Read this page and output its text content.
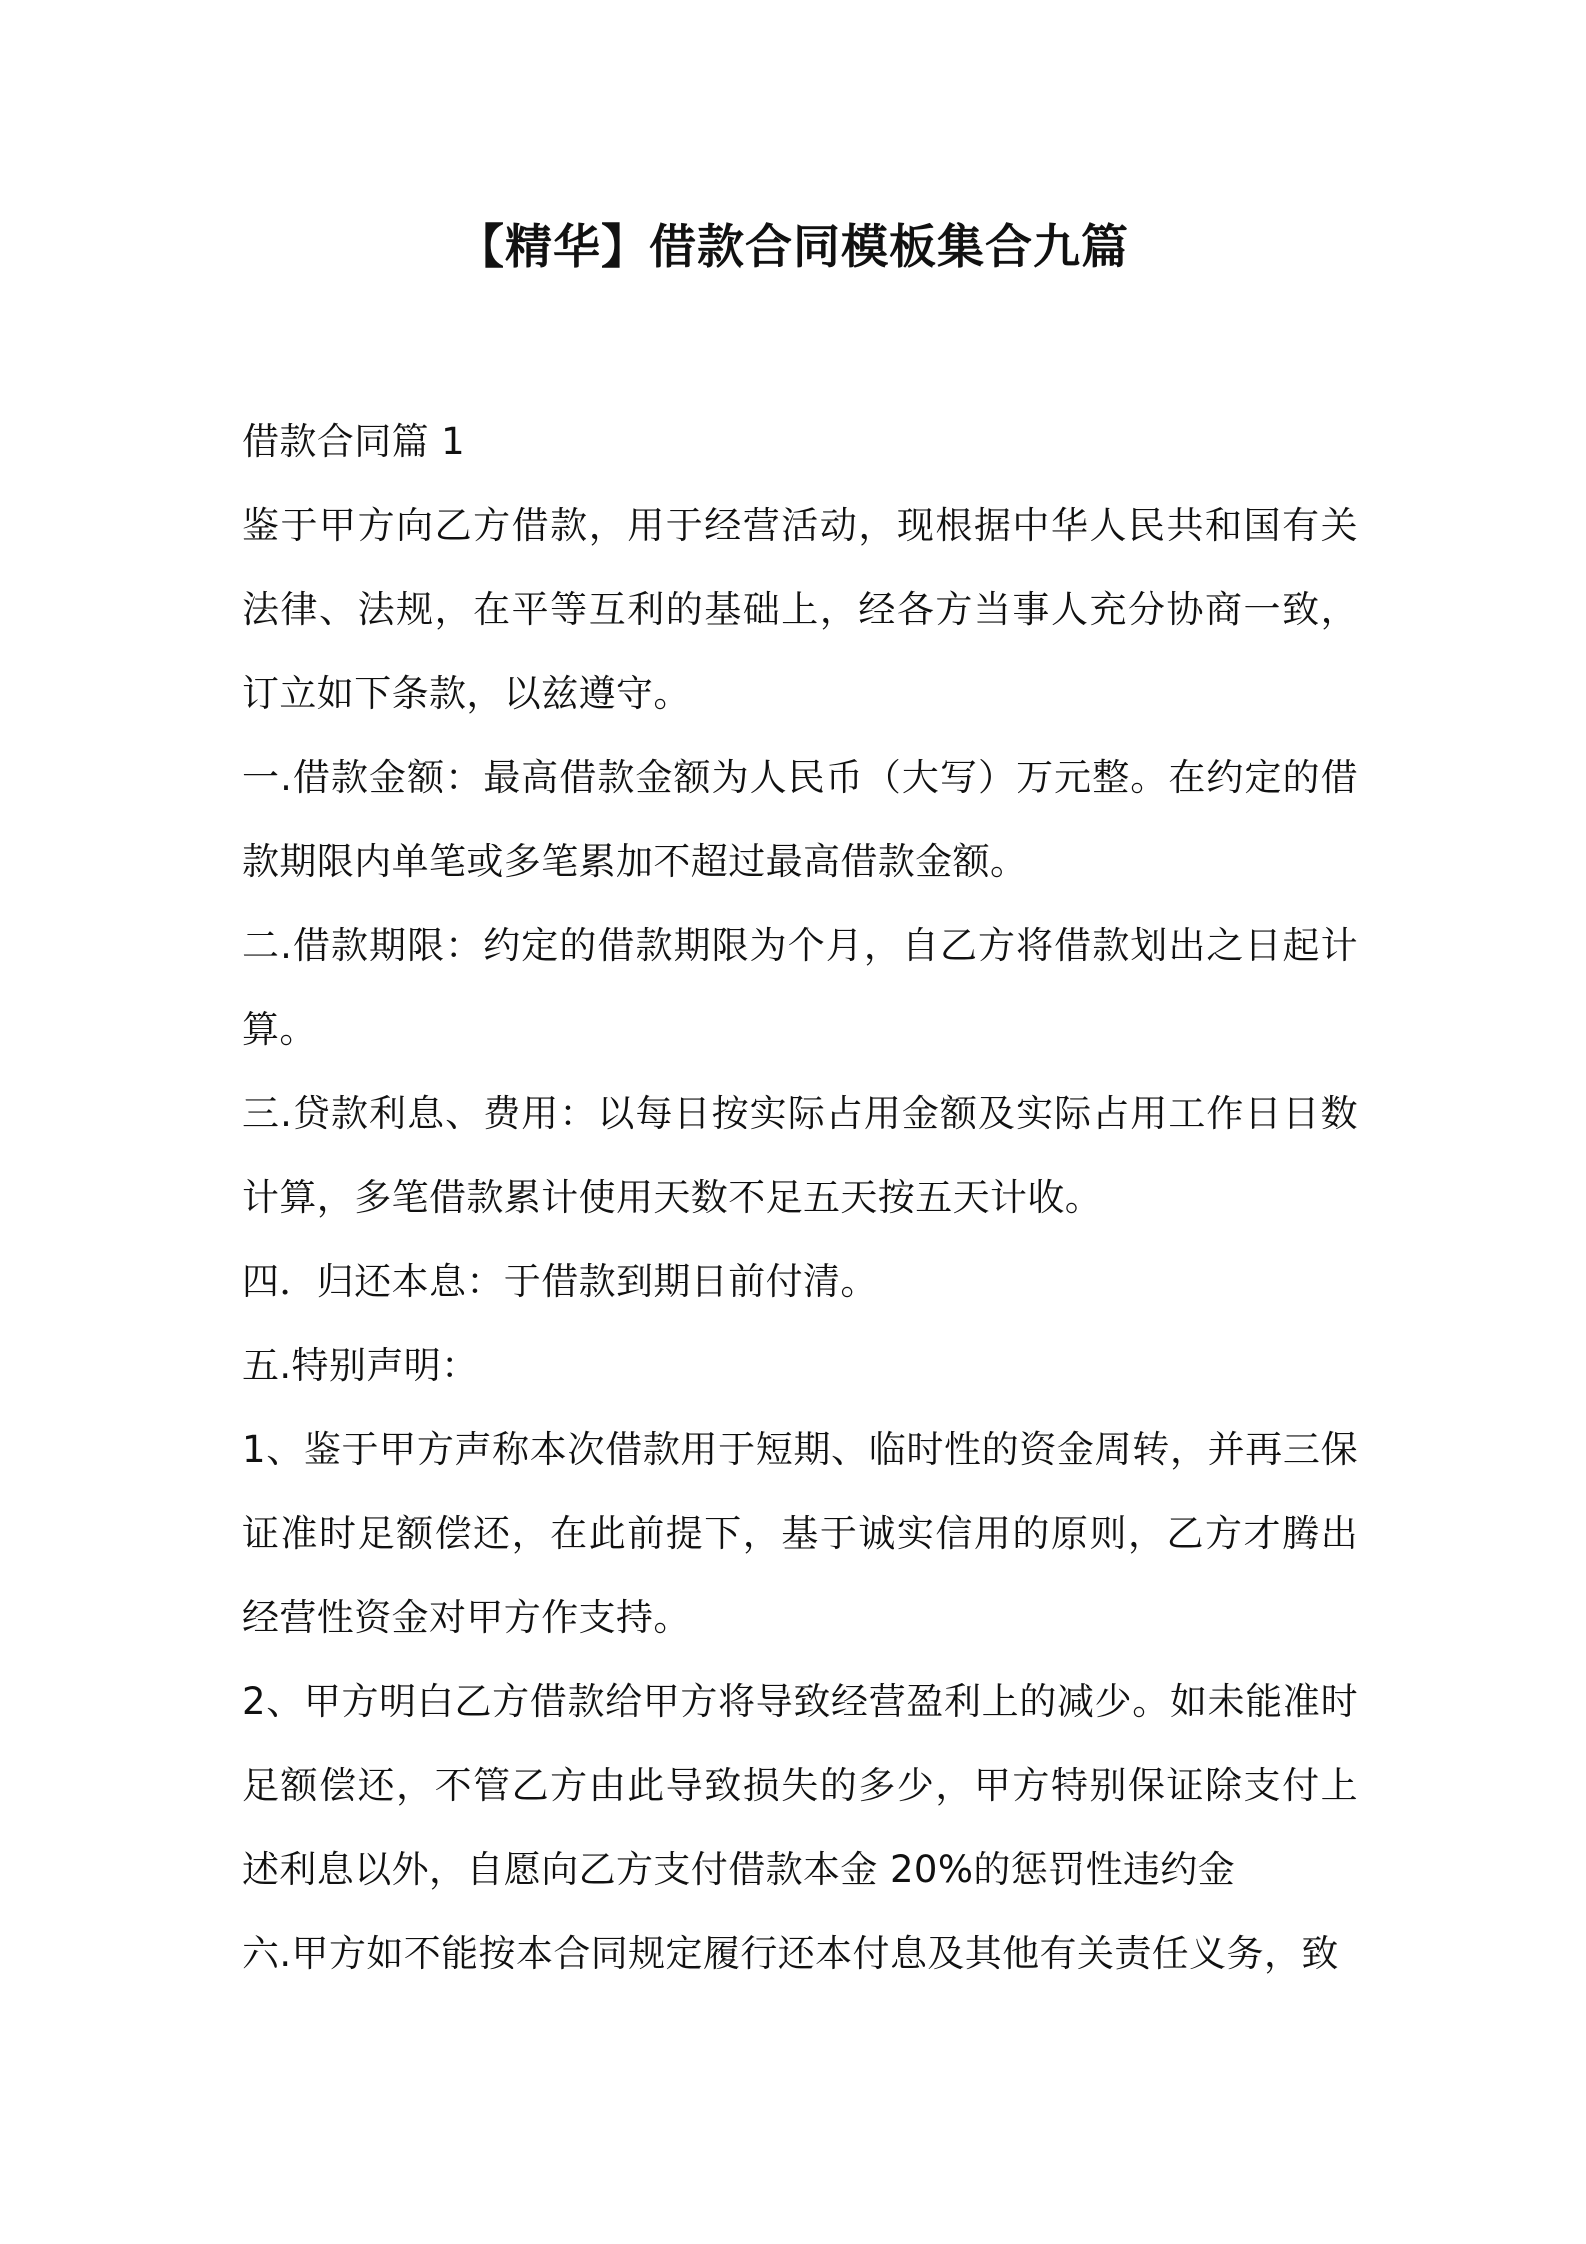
【精华】借款合同模板集合九篇

借款合同篇 1

鉴于甲方向乙方借款，用于经营活动，现根据中华人民共和国有关法律、法规，在平等互利的基础上，经各方当事人充分协商一致，订立如下条款，以兹遵守。

一.借款金额：最高借款金额为人民币（大写）万元整。在约定的借款期限内单笔或多笔累加不超过最高借款金额。

二.借款期限：约定的借款期限为个月，自乙方将借款划出之日起计算。

三.贷款利息、费用：以每日按实际占用金额及实际占用工作日日数计算，多笔借款累计使用天数不足五天按五天计收。

四．归还本息：于借款到期日前付清。

五.特别声明：

1、鉴于甲方声称本次借款用于短期、临时性的资金周转，并再三保证准时足额偿还，在此前提下，基于诚实信用的原则，乙方才腾出经营性资金对甲方作支持。

2、甲方明白乙方借款给甲方将导致经营盈利上的减少。如未能准时足额偿还，不管乙方由此导致损失的多少，甲方特别保证除支付上述利息以外，自愿向乙方支付借款本金 20%的惩罚性违约金

六.甲方如不能按本合同规定履行还本付息及其他有关责任义务，致
